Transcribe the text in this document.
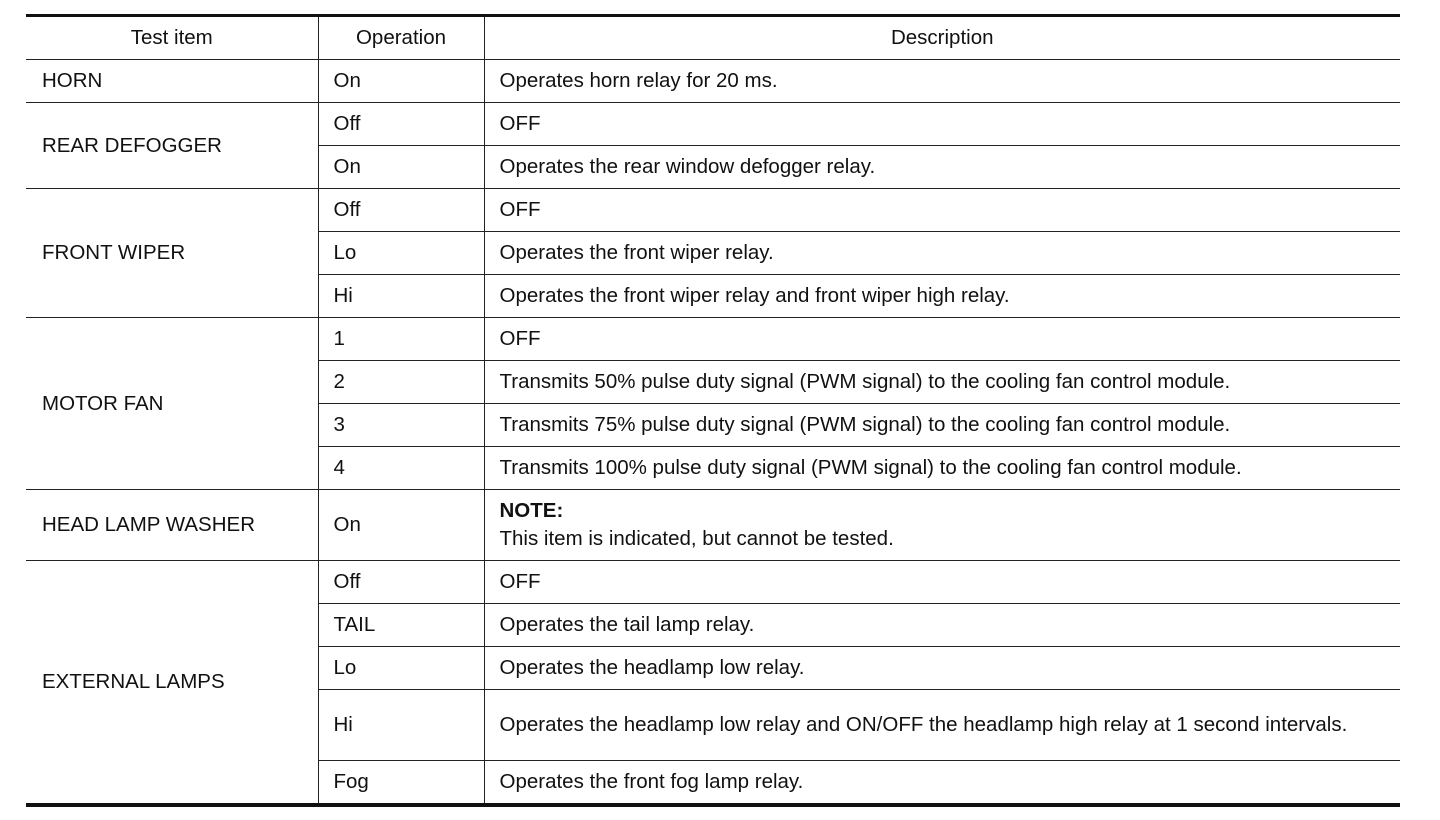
Test item	Operation	Description
HORN	On	Operates horn relay for 20 ms.
REAR DEFOGGER	Off	OFF
	On	Operates the rear window defogger relay.
FRONT WIPER	Off	OFF
	Lo	Operates the front wiper relay.
	Hi	Operates the front wiper relay and front wiper high relay.
MOTOR FAN	1	OFF
	2	Transmits 50% pulse duty signal (PWM signal) to the cooling fan control module.
	3	Transmits 75% pulse duty signal (PWM signal) to the cooling fan control module.
	4	Transmits 100% pulse duty signal (PWM signal) to the cooling fan control module.
HEAD LAMP WASHER	On	NOTE:
This item is indicated, but cannot be tested.
EXTERNAL LAMPS	Off	OFF
	TAIL	Operates the tail lamp relay.
	Lo	Operates the headlamp low relay.
	Hi	Operates the headlamp low relay and ON/OFF the headlamp high relay at 1 second intervals.
	Fog	Operates the front fog lamp relay.
